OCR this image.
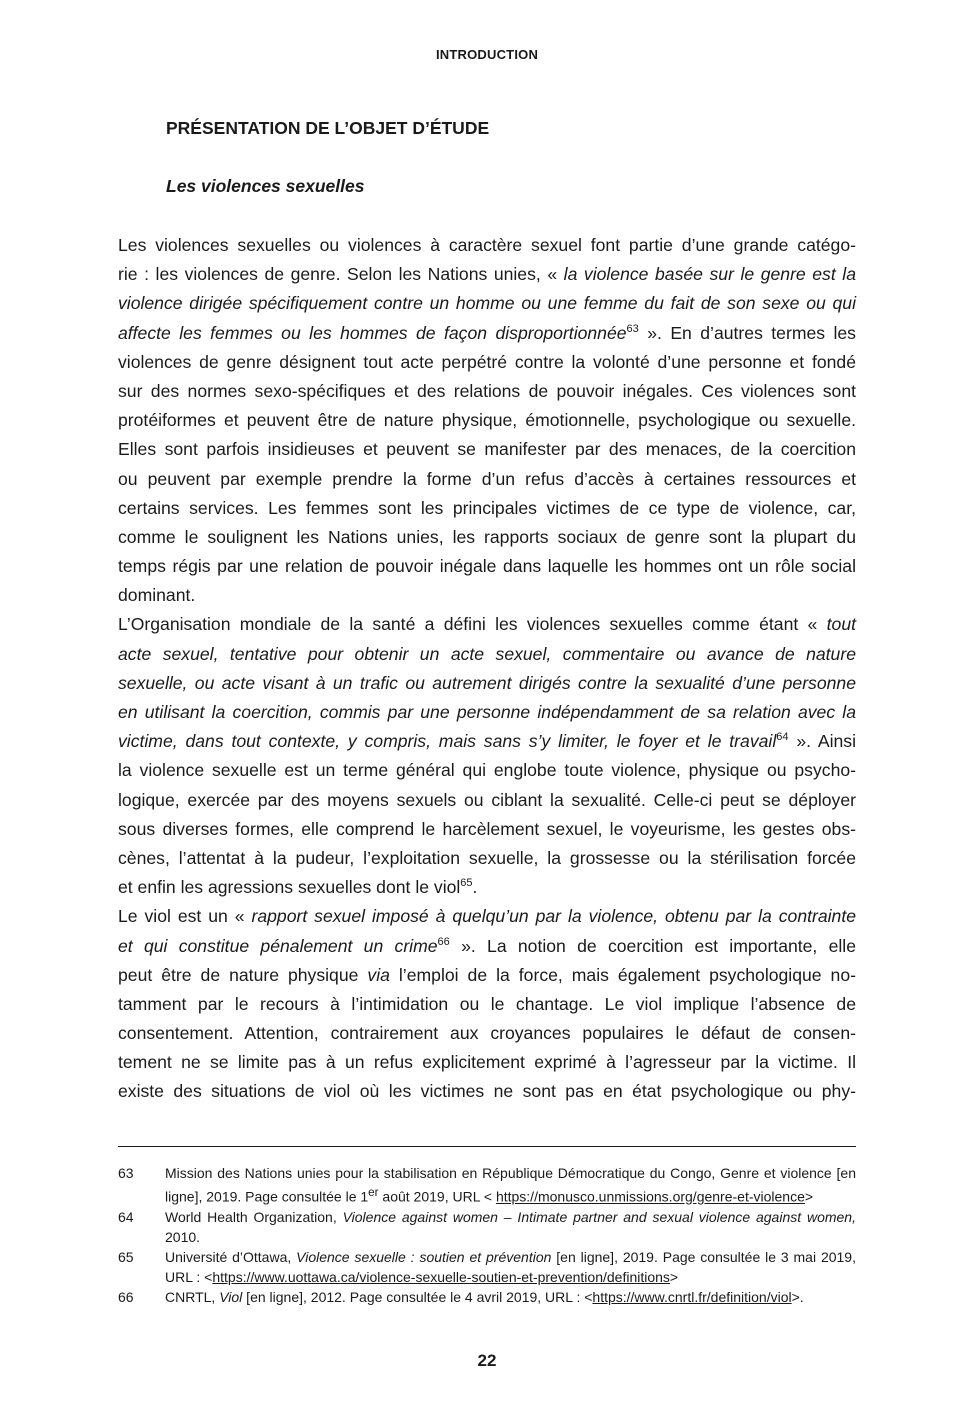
INTRODUCTION
PRÉSENTATION DE L’OBJET D’ÉTUDE
Les violences sexuelles
Les violences sexuelles ou violences à caractère sexuel font partie d’une grande catégo-
rie : les violences de genre. Selon les Nations unies, « la violence basée sur le genre est la
violence dirigée spécifiquement contre un homme ou une femme du fait de son sexe ou qui
affecte les femmes ou les hommes de façon disproportionnée$^{63}$ ». En d’autres termes les
violences de genre désignent tout acte perpétré contre la volonté d’une personne et fondé
sur des normes sexo-spécifiques et des relations de pouvoir inégales. Ces violences sont
protéiformes et peuvent être de nature physique, émotionnelle, psychologique ou sexuelle.
Elles sont parfois insidieuses et peuvent se manifester par des menaces, de la coercition
ou peuvent par exemple prendre la forme d’un refus d’accès à certaines ressources et
certains services. Les femmes sont les principales victimes de ce type de violence, car,
comme le soulignent les Nations unies, les rapports sociaux de genre sont la plupart du
temps régis par une relation de pouvoir inégale dans laquelle les hommes ont un rôle social
dominant.
L’Organisation mondiale de la santé a défini les violences sexuelles comme étant « tout
acte sexuel, tentative pour obtenir un acte sexuel, commentaire ou avance de nature
sexuelle, ou acte visant à un trafic ou autrement dirigés contre la sexualité d’une personne
en utilisant la coercition, commis par une personne indépendamment de sa relation avec la
victime, dans tout contexte, y compris, mais sans s’y limiter, le foyer et le travail$^{64}$ ». Ainsi
la violence sexuelle est un terme général qui englobe toute violence, physique ou psycho-
logique, exercée par des moyens sexuels ou ciblant la sexualité. Celle-ci peut se déployer
sous diverses formes, elle comprend le harcèlement sexuel, le voyeurisme, les gestes obs-
cènes, l’attentat à la pudeur, l’exploitation sexuelle, la grossesse ou la stérilisation forcée
et enfin les agressions sexuelles dont le viol$^{65}$.
Le viol est un « rapport sexuel imposé à quelqu’un par la violence, obtenu par la contrainte
et qui constitue pénalement un crime$^{66}$ ». La notion de coercition est importante, elle
peut être de nature physique via l’emploi de la force, mais également psychologique no-
tamment par le recours à l’intimidation ou le chantage. Le viol implique l’absence de
consentement. Attention, contrairement aux croyances populaires le défaut de consen-
tement ne se limite pas à un refus explicitement exprimé à l’agresseur par la victime. Il
existe des situations de viol où les victimes ne sont pas en état psychologique ou phy-

63	Mission des Nations unies pour la stabilisation en République Démocratique du Congo, Genre et violence [en ligne], 2019. Page consultée le 1er août 2019, URL < https://monusco.unmissions.org/genre-et-violence>

64	World Health Organization, Violence against women – Intimate partner and sexual violence against women, 2010.

65	Université d’Ottawa, Violence sexuelle : soutien et prévention [en ligne], 2019. Page consultée le 3 mai 2019, URL : <https://www.uottawa.ca/violence-sexuelle-soutien-et-prevention/definitions>

66	CNRTL, Viol [en ligne], 2012. Page consultée le 4 avril 2019, URL : <https://www.cnrtl.fr/definition/viol>.

22
